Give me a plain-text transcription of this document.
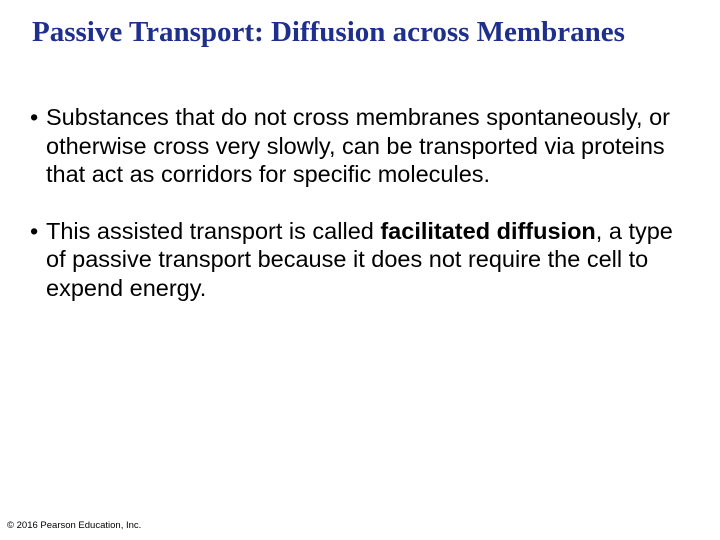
Passive Transport: Diffusion across Membranes
• Substances that do not cross membranes spontaneously, or otherwise cross very slowly, can be transported via proteins that act as corridors for specific molecules.
• This assisted transport is called facilitated diffusion, a type of passive transport because it does not require the cell to expend energy.
© 2016 Pearson Education, Inc.
